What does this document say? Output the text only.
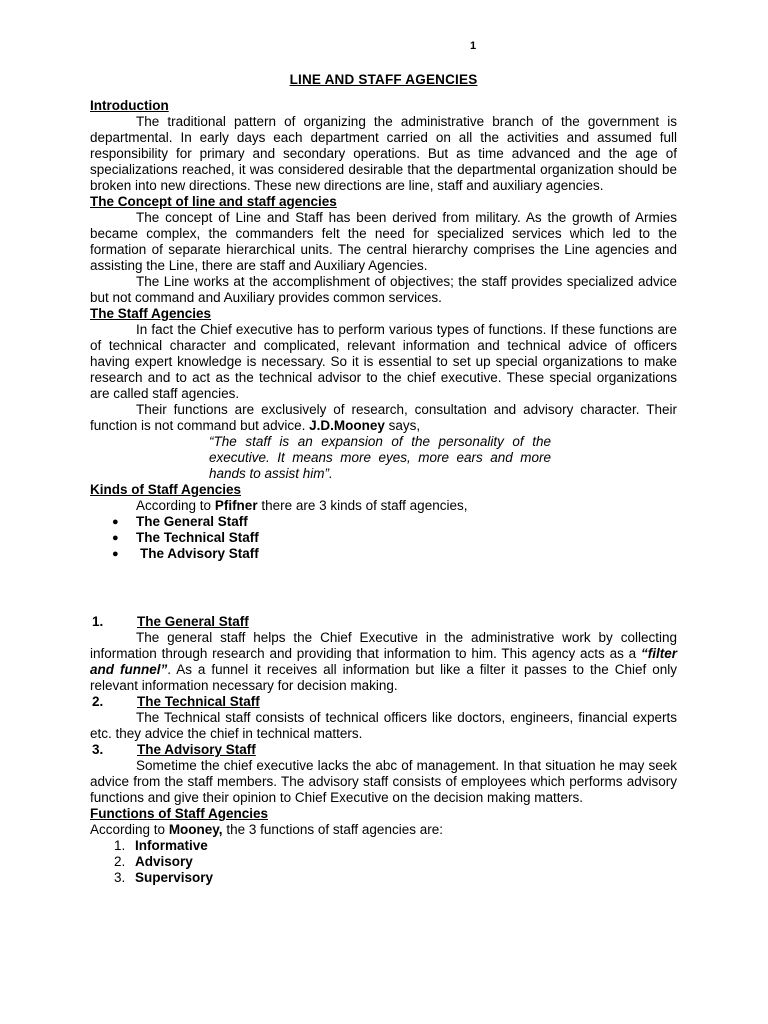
1
LINE AND STAFF AGENCIES
Introduction

The traditional pattern of organizing the administrative branch of the government is departmental. In early days each department carried on all the activities and assumed full responsibility for primary and secondary operations. But as time advanced and the age of specializations reached, it was considered desirable that the departmental organization should be broken into new directions. These new directions are line, staff and auxiliary agencies.

The Concept of line and staff agencies

The concept of Line and Staff has been derived from military. As the growth of Armies became complex, the commanders felt the need for specialized services which led to the formation of separate hierarchical units. The central hierarchy comprises the Line agencies and assisting the Line, there are staff and Auxiliary Agencies.

The Line works at the accomplishment of objectives; the staff provides specialized advice but not command and Auxiliary provides common services.

The Staff Agencies

In fact the Chief executive has to perform various types of functions. If these functions are of technical character and complicated, relevant information and technical advice of officers having expert knowledge is necessary. So it is essential to set up special organizations to make research and to act as the technical advisor to the chief executive. These special organizations are called staff agencies.

Their functions are exclusively of research, consultation and advisory character. Their function is not command but advice. J.D.Mooney says,

“The staff is an expansion of the personality of the executive. It means more eyes, more ears and more hands to assist him”.

Kinds of Staff Agencies

According to Pfifner there are 3 kinds of staff agencies,

● The General Staff
● The Technical Staff
● The Advisory Staff
1.	The General Staff

The general staff helps the Chief Executive in the administrative work by collecting information through research and providing that information to him. This agency acts as a “filter and funnel”. As a funnel it receives all information but like a filter it passes to the Chief only relevant information necessary for decision making.

2.	The Technical Staff

The Technical staff consists of technical officers like doctors, engineers, financial experts etc. they advice the chief in technical matters.

3.	The Advisory Staff

Sometime the chief executive lacks the abc of management. In that situation he may seek advice from the staff members. The advisory staff consists of employees which performs advisory functions and give their opinion to Chief Executive on the decision making matters.

Functions of Staff Agencies

According to Mooney, the 3 functions of staff agencies are:

1. Informative
2. Advisory
3. Supervisory
